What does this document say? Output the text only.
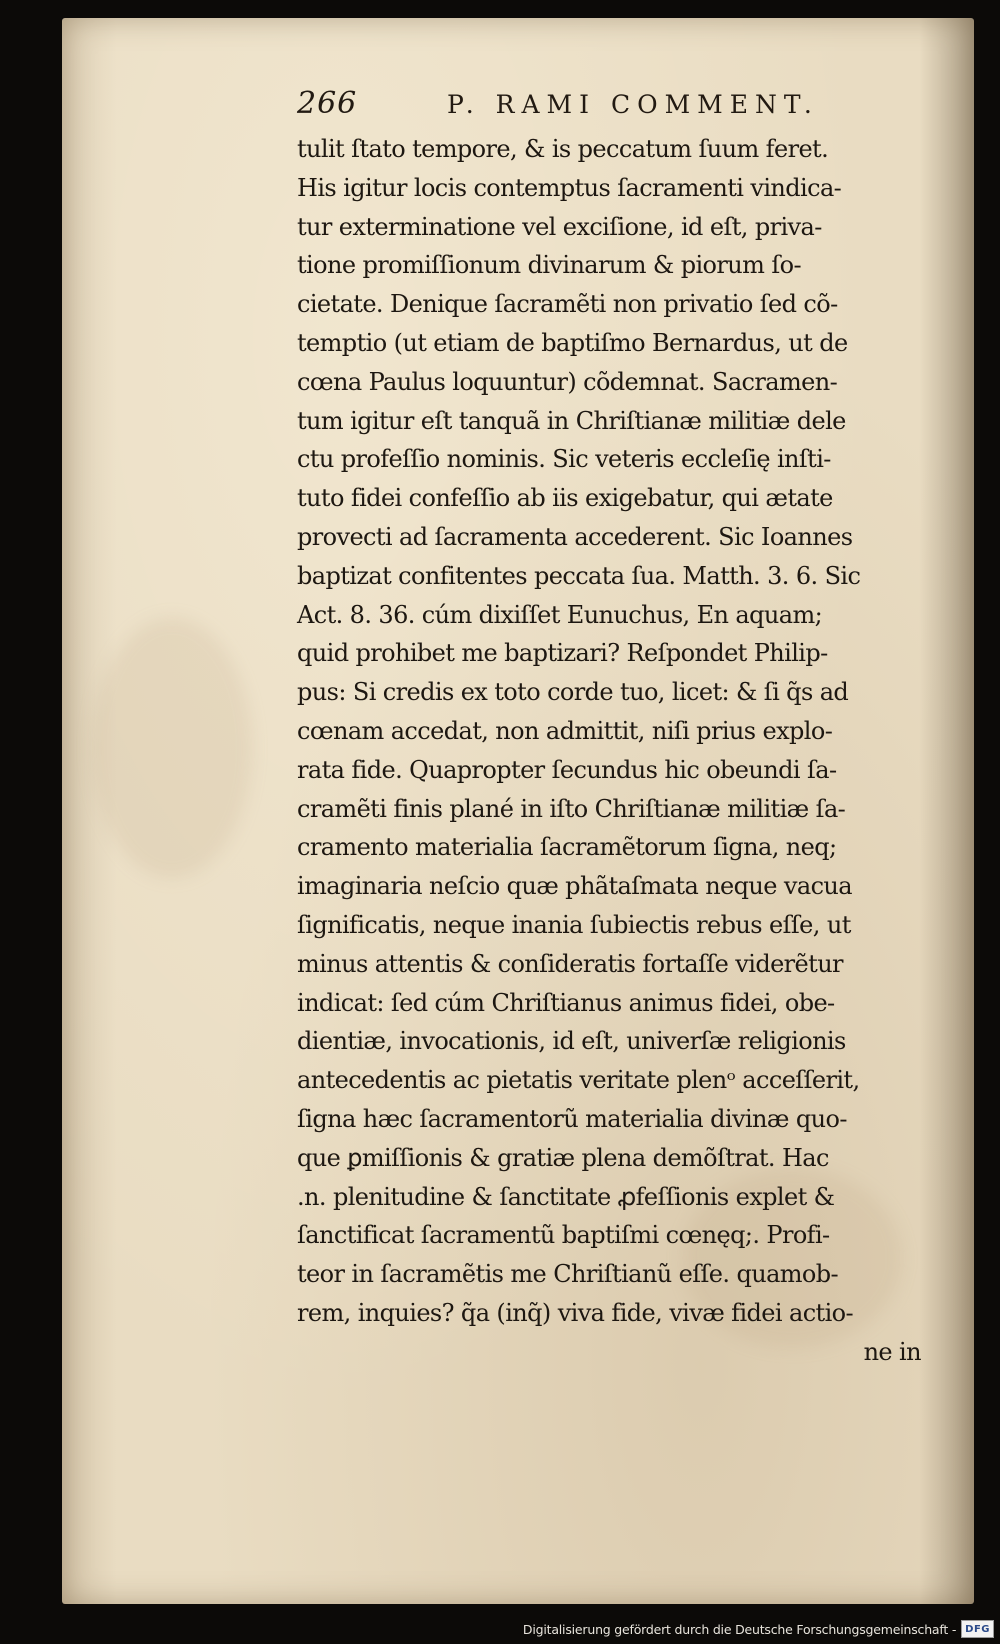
266	P. RAMI COMMENT.
tulit ſtato tempore, & is peccatum ſuum feret.
His igitur locis contemptus ſacramenti vindica-
tur exterminatione vel exciſione, id eſt, priva-
tione promiſſionum divinarum & piorum ſo-
cietate. Denique ſacramẽti non privatio ſed cõ-
temptio (ut etiam de baptiſmo Bernardus, ut de
cœna Paulus loquuntur) cõdemnat. Sacramen-
tum igitur eſt tanquã in Chriſtianæ militiæ dele
ctu profeſſio nominis. Sic veteris eccleſię inſti-
tuto fidei confeſſio ab iis exigebatur, qui ætate
provecti ad ſacramenta accederent. Sic Ioannes
baptizat confitentes peccata ſua. Matth. 3. 6. Sic
Act. 8. 36. cúm dixiſſet Eunuchus, En aquam;
quid prohibet me baptizari? Reſpondet Philip-
pus: Si credis ex toto corde tuo, licet: & ſi q̃s ad
cœnam accedat, non admittit, niſi prius explo-
rata fide. Quapropter ſecundus hic obeundi ſa-
cramẽti finis plané in iſto Chriſtianæ militiæ ſa-
cramento materialia ſacramẽtorum ſigna, neq;
imaginaria neſcio quæ phãtaſmata neque vacua
ſignificatis, neque inania ſubiectis rebus eſſe, ut
minus attentis & conſideratis fortaſſe viderẽtur
indicat: ſed cúm Chriſtianus animus fidei, obe-
dientiæ, invocationis, id eſt, univerſæ religionis
antecedentis ac pietatis veritate plenᵒ acceſſerit,
ſigna hæc ſacramentorũ materialia divinæ quo-
que ꝑmiſſionis & gratiæ plena demõſtrat. Hac
.n. plenitudine & ſanctitate ꝓfeſſionis explet &
ſanctificat ſacramentũ baptiſmi cœnęq;. Profi-
teor in ſacramẽtis me Chriſtianũ eſſe. quamob-
rem, inquies? q̃a (inq̃) viva fide, vivæ fidei actio-
ne in
Digitalisierung gefördert durch die Deutsche Forschungsgemeinschaft - DFG
